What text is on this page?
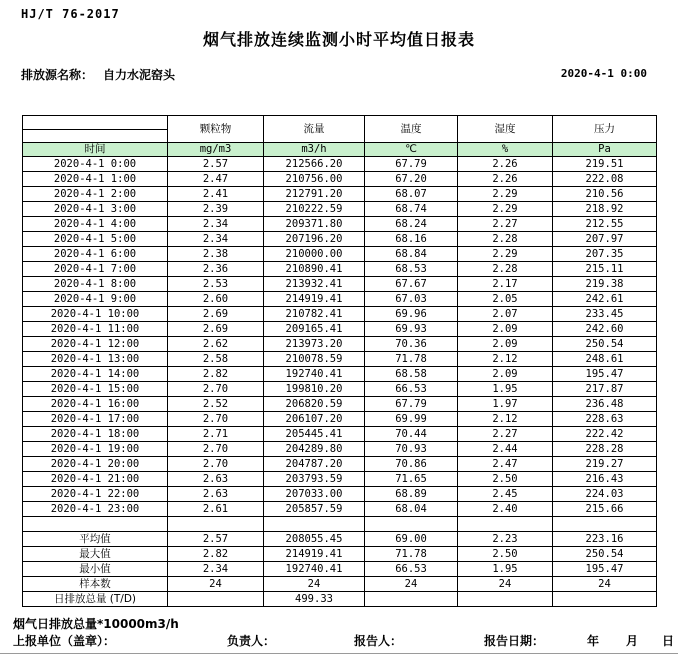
HJ/T 76-2017
烟气排放连续监测小时平均值日报表
排放源名称： 自力水泥窑头	2020-4-1 0:00
	颗粒物	流量	温度	湿度	压力

时间	mg/m3	m3/h	℃	%	Pa
2020-4-1 0:00	2.57	212566.20	67.79	2.26	219.51
2020-4-1 1:00	2.47	210756.00	67.20	2.26	222.08
2020-4-1 2:00	2.41	212791.20	68.07	2.29	210.56
2020-4-1 3:00	2.39	210222.59	68.74	2.29	218.92
2020-4-1 4:00	2.34	209371.80	68.24	2.27	212.55
2020-4-1 5:00	2.34	207196.20	68.16	2.28	207.97
2020-4-1 6:00	2.38	210000.00	68.84	2.29	207.35
2020-4-1 7:00	2.36	210890.41	68.53	2.28	215.11
2020-4-1 8:00	2.53	213932.41	67.67	2.17	219.38
2020-4-1 9:00	2.60	214919.41	67.03	2.05	242.61
2020-4-1 10:00	2.69	210782.41	69.96	2.07	233.45
2020-4-1 11:00	2.69	209165.41	69.93	2.09	242.60
2020-4-1 12:00	2.62	213973.20	70.36	2.09	250.54
2020-4-1 13:00	2.58	210078.59	71.78	2.12	248.61
2020-4-1 14:00	2.82	192740.41	68.58	2.09	195.47
2020-4-1 15:00	2.70	199810.20	66.53	1.95	217.87
2020-4-1 16:00	2.52	206820.59	67.79	1.97	236.48
2020-4-1 17:00	2.70	206107.20	69.99	2.12	228.63
2020-4-1 18:00	2.71	205445.41	70.44	2.27	222.42
2020-4-1 19:00	2.70	204289.80	70.93	2.44	228.28
2020-4-1 20:00	2.70	204787.20	70.86	2.47	219.27
2020-4-1 21:00	2.63	203793.59	71.65	2.50	216.43
2020-4-1 22:00	2.63	207033.00	68.89	2.45	224.03
2020-4-1 23:00	2.61	205857.59	68.04	2.40	215.66

平均值	2.57	208055.45	69.00	2.23	223.16
最大值	2.82	214919.41	71.78	2.50	250.54
最小值	2.34	192740.41	66.53	1.95	195.47
样本数	24	24	24	24	24
日排放总量 (T/D)		499.33			
烟气日排放总量*10000m3/h
上报单位（盖章）：	负责人：	报告人：	报告日期：	年 月 日
